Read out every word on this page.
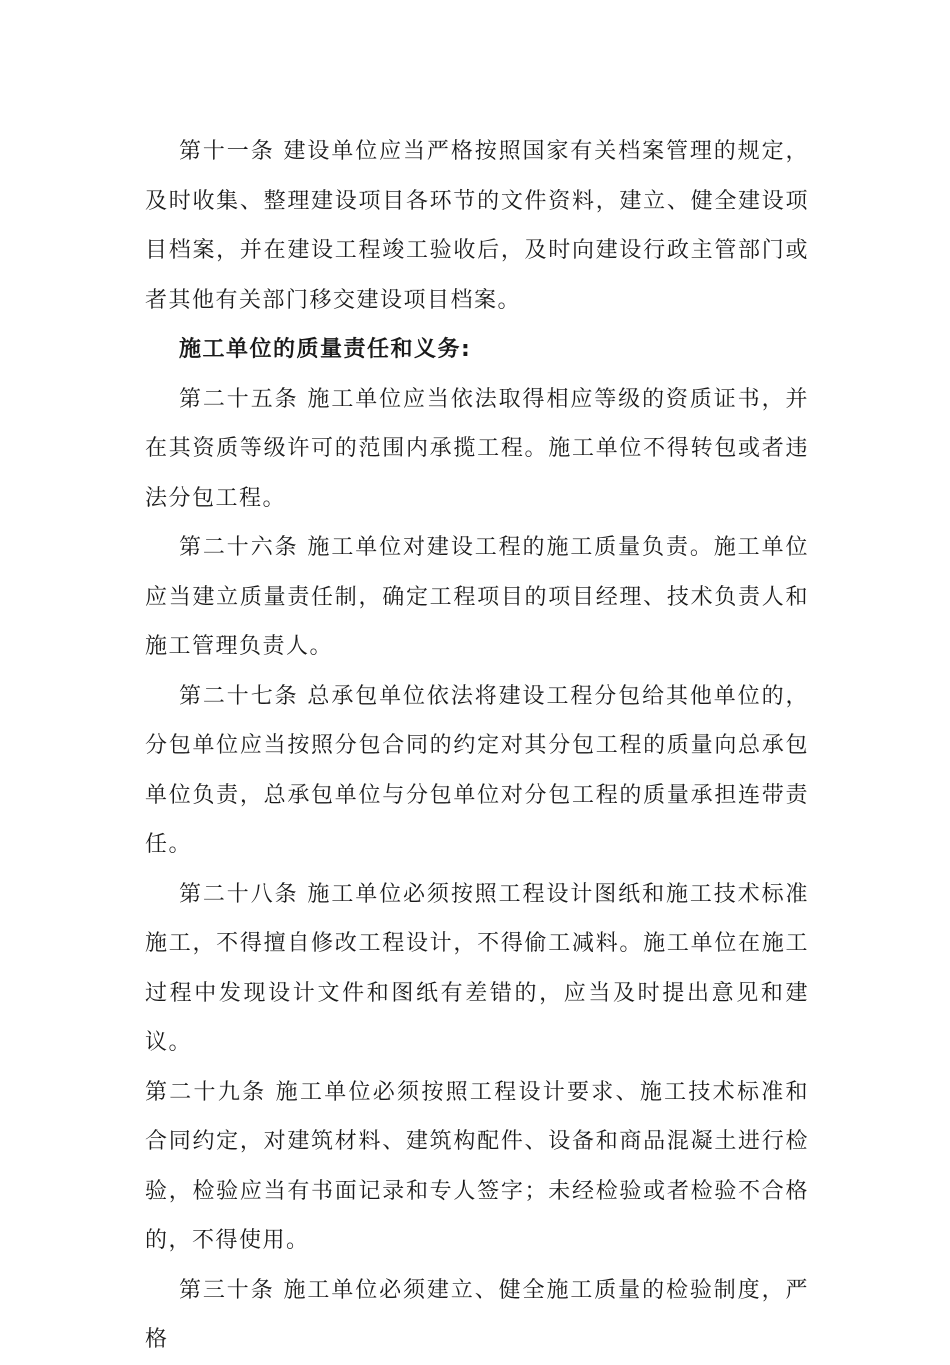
第十一条 建设单位应当严格按照国家有关档案管理的规定，及时收集、整理建设项目各环节的文件资料，建立、健全建设项目档案，并在建设工程竣工验收后，及时向建设行政主管部门或者其他有关部门移交建设项目档案。

施工单位的质量责任和义务:

第二十五条 施工单位应当依法取得相应等级的资质证书，并在其资质等级许可的范围内承揽工程。施工单位不得转包或者违法分包工程。

第二十六条 施工单位对建设工程的施工质量负责。施工单位应当建立质量责任制，确定工程项目的项目经理、技术负责人和施工管理负责人。

第二十七条 总承包单位依法将建设工程分包给其他单位的，分包单位应当按照分包合同的约定对其分包工程的质量向总承包单位负责，总承包单位与分包单位对分包工程的质量承担连带责任。

第二十八条 施工单位必须按照工程设计图纸和施工技术标准施工，不得擅自修改工程设计，不得偷工减料。施工单位在施工过程中发现设计文件和图纸有差错的，应当及时提出意见和建议。

第二十九条 施工单位必须按照工程设计要求、施工技术标准和合同约定，对建筑材料、建筑构配件、设备和商品混凝土进行检验，检验应当有书面记录和专人签字；未经检验或者检验不合格的，不得使用。

第三十条 施工单位必须建立、健全施工质量的检验制度，严格
